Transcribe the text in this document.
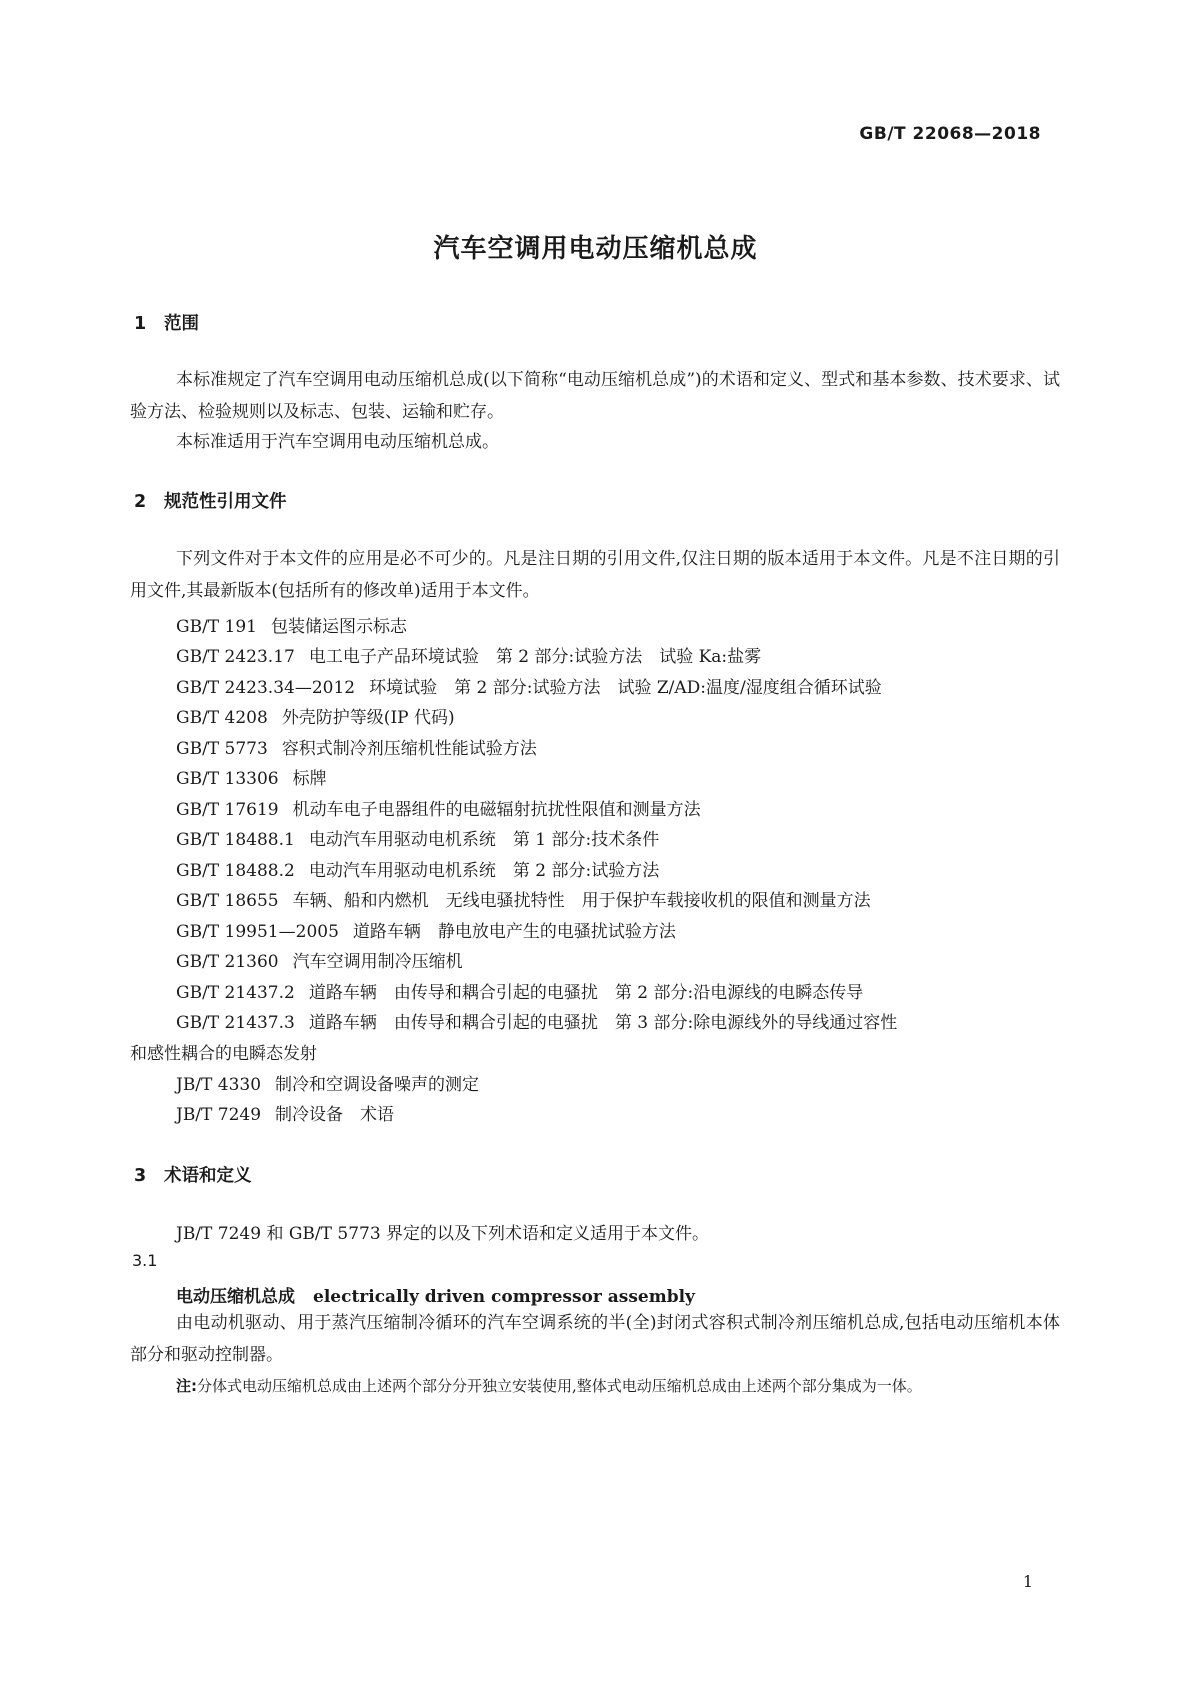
GB/T 22068—2018
汽车空调用电动压缩机总成
1 范围
本标准规定了汽车空调用电动压缩机总成(以下简称“电动压缩机总成”)的术语和定义、型式和基本参数、技术要求、试验方法、检验规则以及标志、包装、运输和贮存。
本标准适用于汽车空调用电动压缩机总成。
2 规范性引用文件
下列文件对于本文件的应用是必不可少的。凡是注日期的引用文件,仅注日期的版本适用于本文件。凡是不注日期的引用文件,其最新版本(包括所有的修改单)适用于本文件。
GB/T 191 包装储运图示标志
GB/T 2423.17 电工电子产品环境试验　第 2 部分:试验方法　试验 Ka:盐雾
GB/T 2423.34—2012 环境试验　第 2 部分:试验方法　试验 Z/AD:温度/湿度组合循环试验
GB/T 4208 外壳防护等级(IP 代码)
GB/T 5773 容积式制冷剂压缩机性能试验方法
GB/T 13306 标牌
GB/T 17619 机动车电子电器组件的电磁辐射抗扰性限值和测量方法
GB/T 18488.1 电动汽车用驱动电机系统　第 1 部分:技术条件
GB/T 18488.2 电动汽车用驱动电机系统　第 2 部分:试验方法
GB/T 18655 车辆、船和内燃机　无线电骚扰特性　用于保护车载接收机的限值和测量方法
GB/T 19951—2005 道路车辆　静电放电产生的电骚扰试验方法
GB/T 21360 汽车空调用制冷压缩机
GB/T 21437.2 道路车辆　由传导和耦合引起的电骚扰　第 2 部分:沿电源线的电瞬态传导
GB/T 21437.3 道路车辆　由传导和耦合引起的电骚扰　第 3 部分:除电源线外的导线通过容性
和感性耦合的电瞬态发射
JB/T 4330 制冷和空调设备噪声的测定
JB/T 7249 制冷设备　术语
3 术语和定义
JB/T 7249 和 GB/T 5773 界定的以及下列术语和定义适用于本文件。
3.1
电动压缩机总成 electrically driven compressor assembly
由电动机驱动、用于蒸汽压缩制冷循环的汽车空调系统的半(全)封闭式容积式制冷剂压缩机总成,包括电动压缩机本体部分和驱动控制器。
注:分体式电动压缩机总成由上述两个部分分开独立安装使用,整体式电动压缩机总成由上述两个部分集成为一体。
1
